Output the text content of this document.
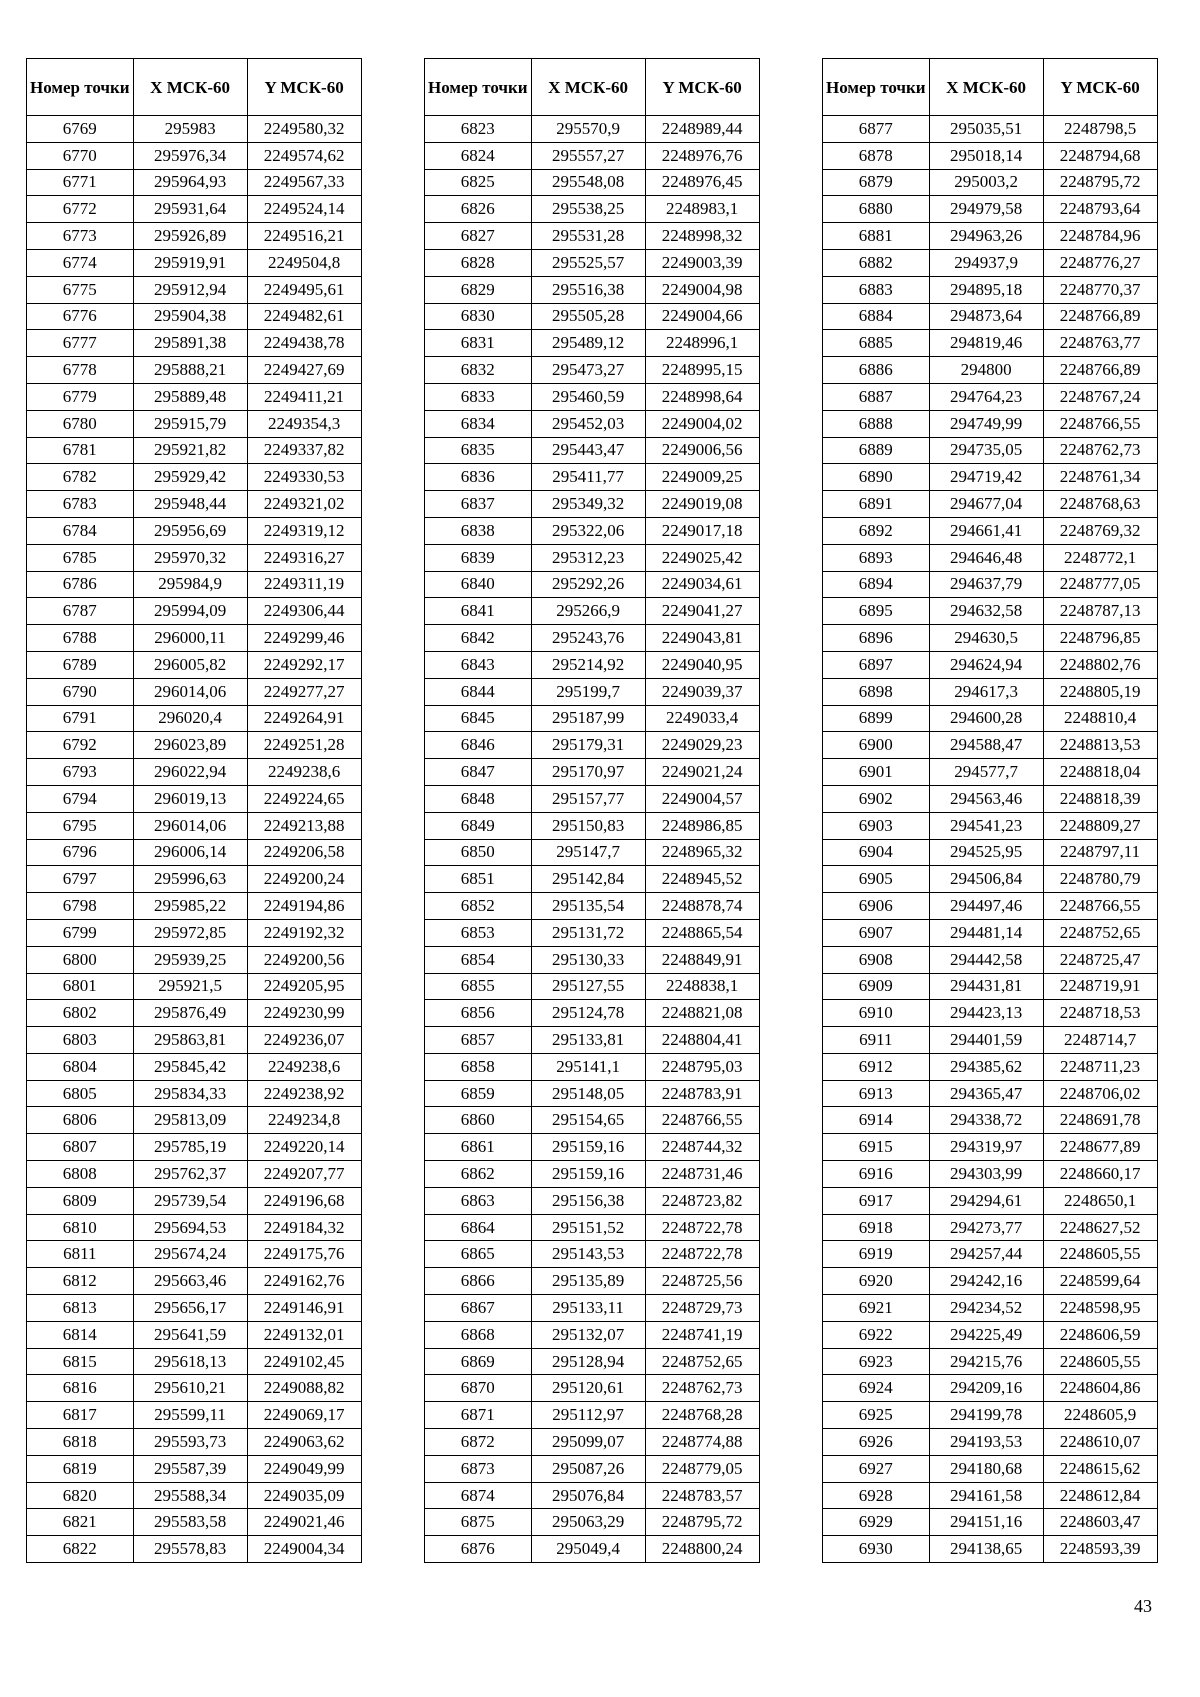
Номер точки	X МСК-60	Y МСК-60
6769	295983	2249580,32
6770	295976,34	2249574,62
6771	295964,93	2249567,33
6772	295931,64	2249524,14
6773	295926,89	2249516,21
6774	295919,91	2249504,8
6775	295912,94	2249495,61
6776	295904,38	2249482,61
6777	295891,38	2249438,78
6778	295888,21	2249427,69
6779	295889,48	2249411,21
6780	295915,79	2249354,3
6781	295921,82	2249337,82
6782	295929,42	2249330,53
6783	295948,44	2249321,02
6784	295956,69	2249319,12
6785	295970,32	2249316,27
6786	295984,9	2249311,19
6787	295994,09	2249306,44
6788	296000,11	2249299,46
6789	296005,82	2249292,17
6790	296014,06	2249277,27
6791	296020,4	2249264,91
6792	296023,89	2249251,28
6793	296022,94	2249238,6
6794	296019,13	2249224,65
6795	296014,06	2249213,88
6796	296006,14	2249206,58
6797	295996,63	2249200,24
6798	295985,22	2249194,86
6799	295972,85	2249192,32
6800	295939,25	2249200,56
6801	295921,5	2249205,95
6802	295876,49	2249230,99
6803	295863,81	2249236,07
6804	295845,42	2249238,6
6805	295834,33	2249238,92
6806	295813,09	2249234,8
6807	295785,19	2249220,14
6808	295762,37	2249207,77
6809	295739,54	2249196,68
6810	295694,53	2249184,32
6811	295674,24	2249175,76
6812	295663,46	2249162,76
6813	295656,17	2249146,91
6814	295641,59	2249132,01
6815	295618,13	2249102,45
6816	295610,21	2249088,82
6817	295599,11	2249069,17
6818	295593,73	2249063,62
6819	295587,39	2249049,99
6820	295588,34	2249035,09
6821	295583,58	2249021,46
6822	295578,83	2249004,34
Номер точки	X МСК-60	Y МСК-60
6823	295570,9	2248989,44
6824	295557,27	2248976,76
6825	295548,08	2248976,45
6826	295538,25	2248983,1
6827	295531,28	2248998,32
6828	295525,57	2249003,39
6829	295516,38	2249004,98
6830	295505,28	2249004,66
6831	295489,12	2248996,1
6832	295473,27	2248995,15
6833	295460,59	2248998,64
6834	295452,03	2249004,02
6835	295443,47	2249006,56
6836	295411,77	2249009,25
6837	295349,32	2249019,08
6838	295322,06	2249017,18
6839	295312,23	2249025,42
6840	295292,26	2249034,61
6841	295266,9	2249041,27
6842	295243,76	2249043,81
6843	295214,92	2249040,95
6844	295199,7	2249039,37
6845	295187,99	2249033,4
6846	295179,31	2249029,23
6847	295170,97	2249021,24
6848	295157,77	2249004,57
6849	295150,83	2248986,85
6850	295147,7	2248965,32
6851	295142,84	2248945,52
6852	295135,54	2248878,74
6853	295131,72	2248865,54
6854	295130,33	2248849,91
6855	295127,55	2248838,1
6856	295124,78	2248821,08
6857	295133,81	2248804,41
6858	295141,1	2248795,03
6859	295148,05	2248783,91
6860	295154,65	2248766,55
6861	295159,16	2248744,32
6862	295159,16	2248731,46
6863	295156,38	2248723,82
6864	295151,52	2248722,78
6865	295143,53	2248722,78
6866	295135,89	2248725,56
6867	295133,11	2248729,73
6868	295132,07	2248741,19
6869	295128,94	2248752,65
6870	295120,61	2248762,73
6871	295112,97	2248768,28
6872	295099,07	2248774,88
6873	295087,26	2248779,05
6874	295076,84	2248783,57
6875	295063,29	2248795,72
6876	295049,4	2248800,24
Номер точки	X МСК-60	Y МСК-60
6877	295035,51	2248798,5
6878	295018,14	2248794,68
6879	295003,2	2248795,72
6880	294979,58	2248793,64
6881	294963,26	2248784,96
6882	294937,9	2248776,27
6883	294895,18	2248770,37
6884	294873,64	2248766,89
6885	294819,46	2248763,77
6886	294800	2248766,89
6887	294764,23	2248767,24
6888	294749,99	2248766,55
6889	294735,05	2248762,73
6890	294719,42	2248761,34
6891	294677,04	2248768,63
6892	294661,41	2248769,32
6893	294646,48	2248772,1
6894	294637,79	2248777,05
6895	294632,58	2248787,13
6896	294630,5	2248796,85
6897	294624,94	2248802,76
6898	294617,3	2248805,19
6899	294600,28	2248810,4
6900	294588,47	2248813,53
6901	294577,7	2248818,04
6902	294563,46	2248818,39
6903	294541,23	2248809,27
6904	294525,95	2248797,11
6905	294506,84	2248780,79
6906	294497,46	2248766,55
6907	294481,14	2248752,65
6908	294442,58	2248725,47
6909	294431,81	2248719,91
6910	294423,13	2248718,53
6911	294401,59	2248714,7
6912	294385,62	2248711,23
6913	294365,47	2248706,02
6914	294338,72	2248691,78
6915	294319,97	2248677,89
6916	294303,99	2248660,17
6917	294294,61	2248650,1
6918	294273,77	2248627,52
6919	294257,44	2248605,55
6920	294242,16	2248599,64
6921	294234,52	2248598,95
6922	294225,49	2248606,59
6923	294215,76	2248605,55
6924	294209,16	2248604,86
6925	294199,78	2248605,9
6926	294193,53	2248610,07
6927	294180,68	2248615,62
6928	294161,58	2248612,84
6929	294151,16	2248603,47
6930	294138,65	2248593,39
43
